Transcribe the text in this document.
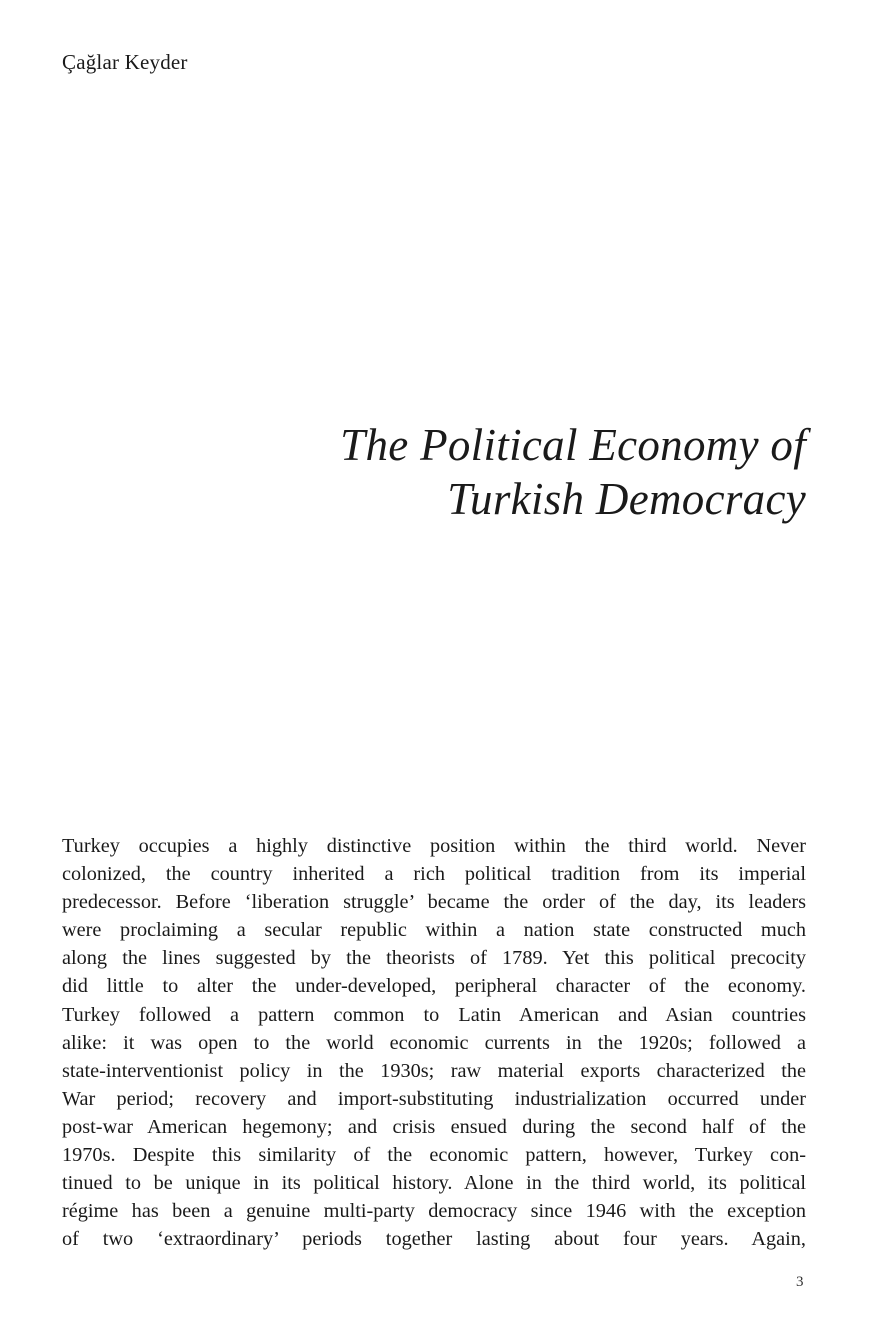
Çağlar Keyder
The Political Economy of
Turkish Democracy
Turkey occupies a highly distinctive position within the third world. Never
colonized, the country inherited a rich political tradition from its imperial
predecessor. Before ‘liberation struggle’ became the order of the day, its leaders
were proclaiming a secular republic within a nation state constructed much
along the lines suggested by the theorists of 1789. Yet this political precocity
did little to alter the under-developed, peripheral character of the economy.
Turkey followed a pattern common to Latin American and Asian countries
alike: it was open to the world economic currents in the 1920s; followed a
state-interventionist policy in the 1930s; raw material exports characterized the
War period; recovery and import-substituting industrialization occurred under
post-war American hegemony; and crisis ensued during the second half of the
1970s. Despite this similarity of the economic pattern, however, Turkey con-
tinued to be unique in its political history. Alone in the third world, its political
régime has been a genuine multi-party democracy since 1946 with the exception
of two ‘extraordinary’ periods together lasting about four years. Again,
3
